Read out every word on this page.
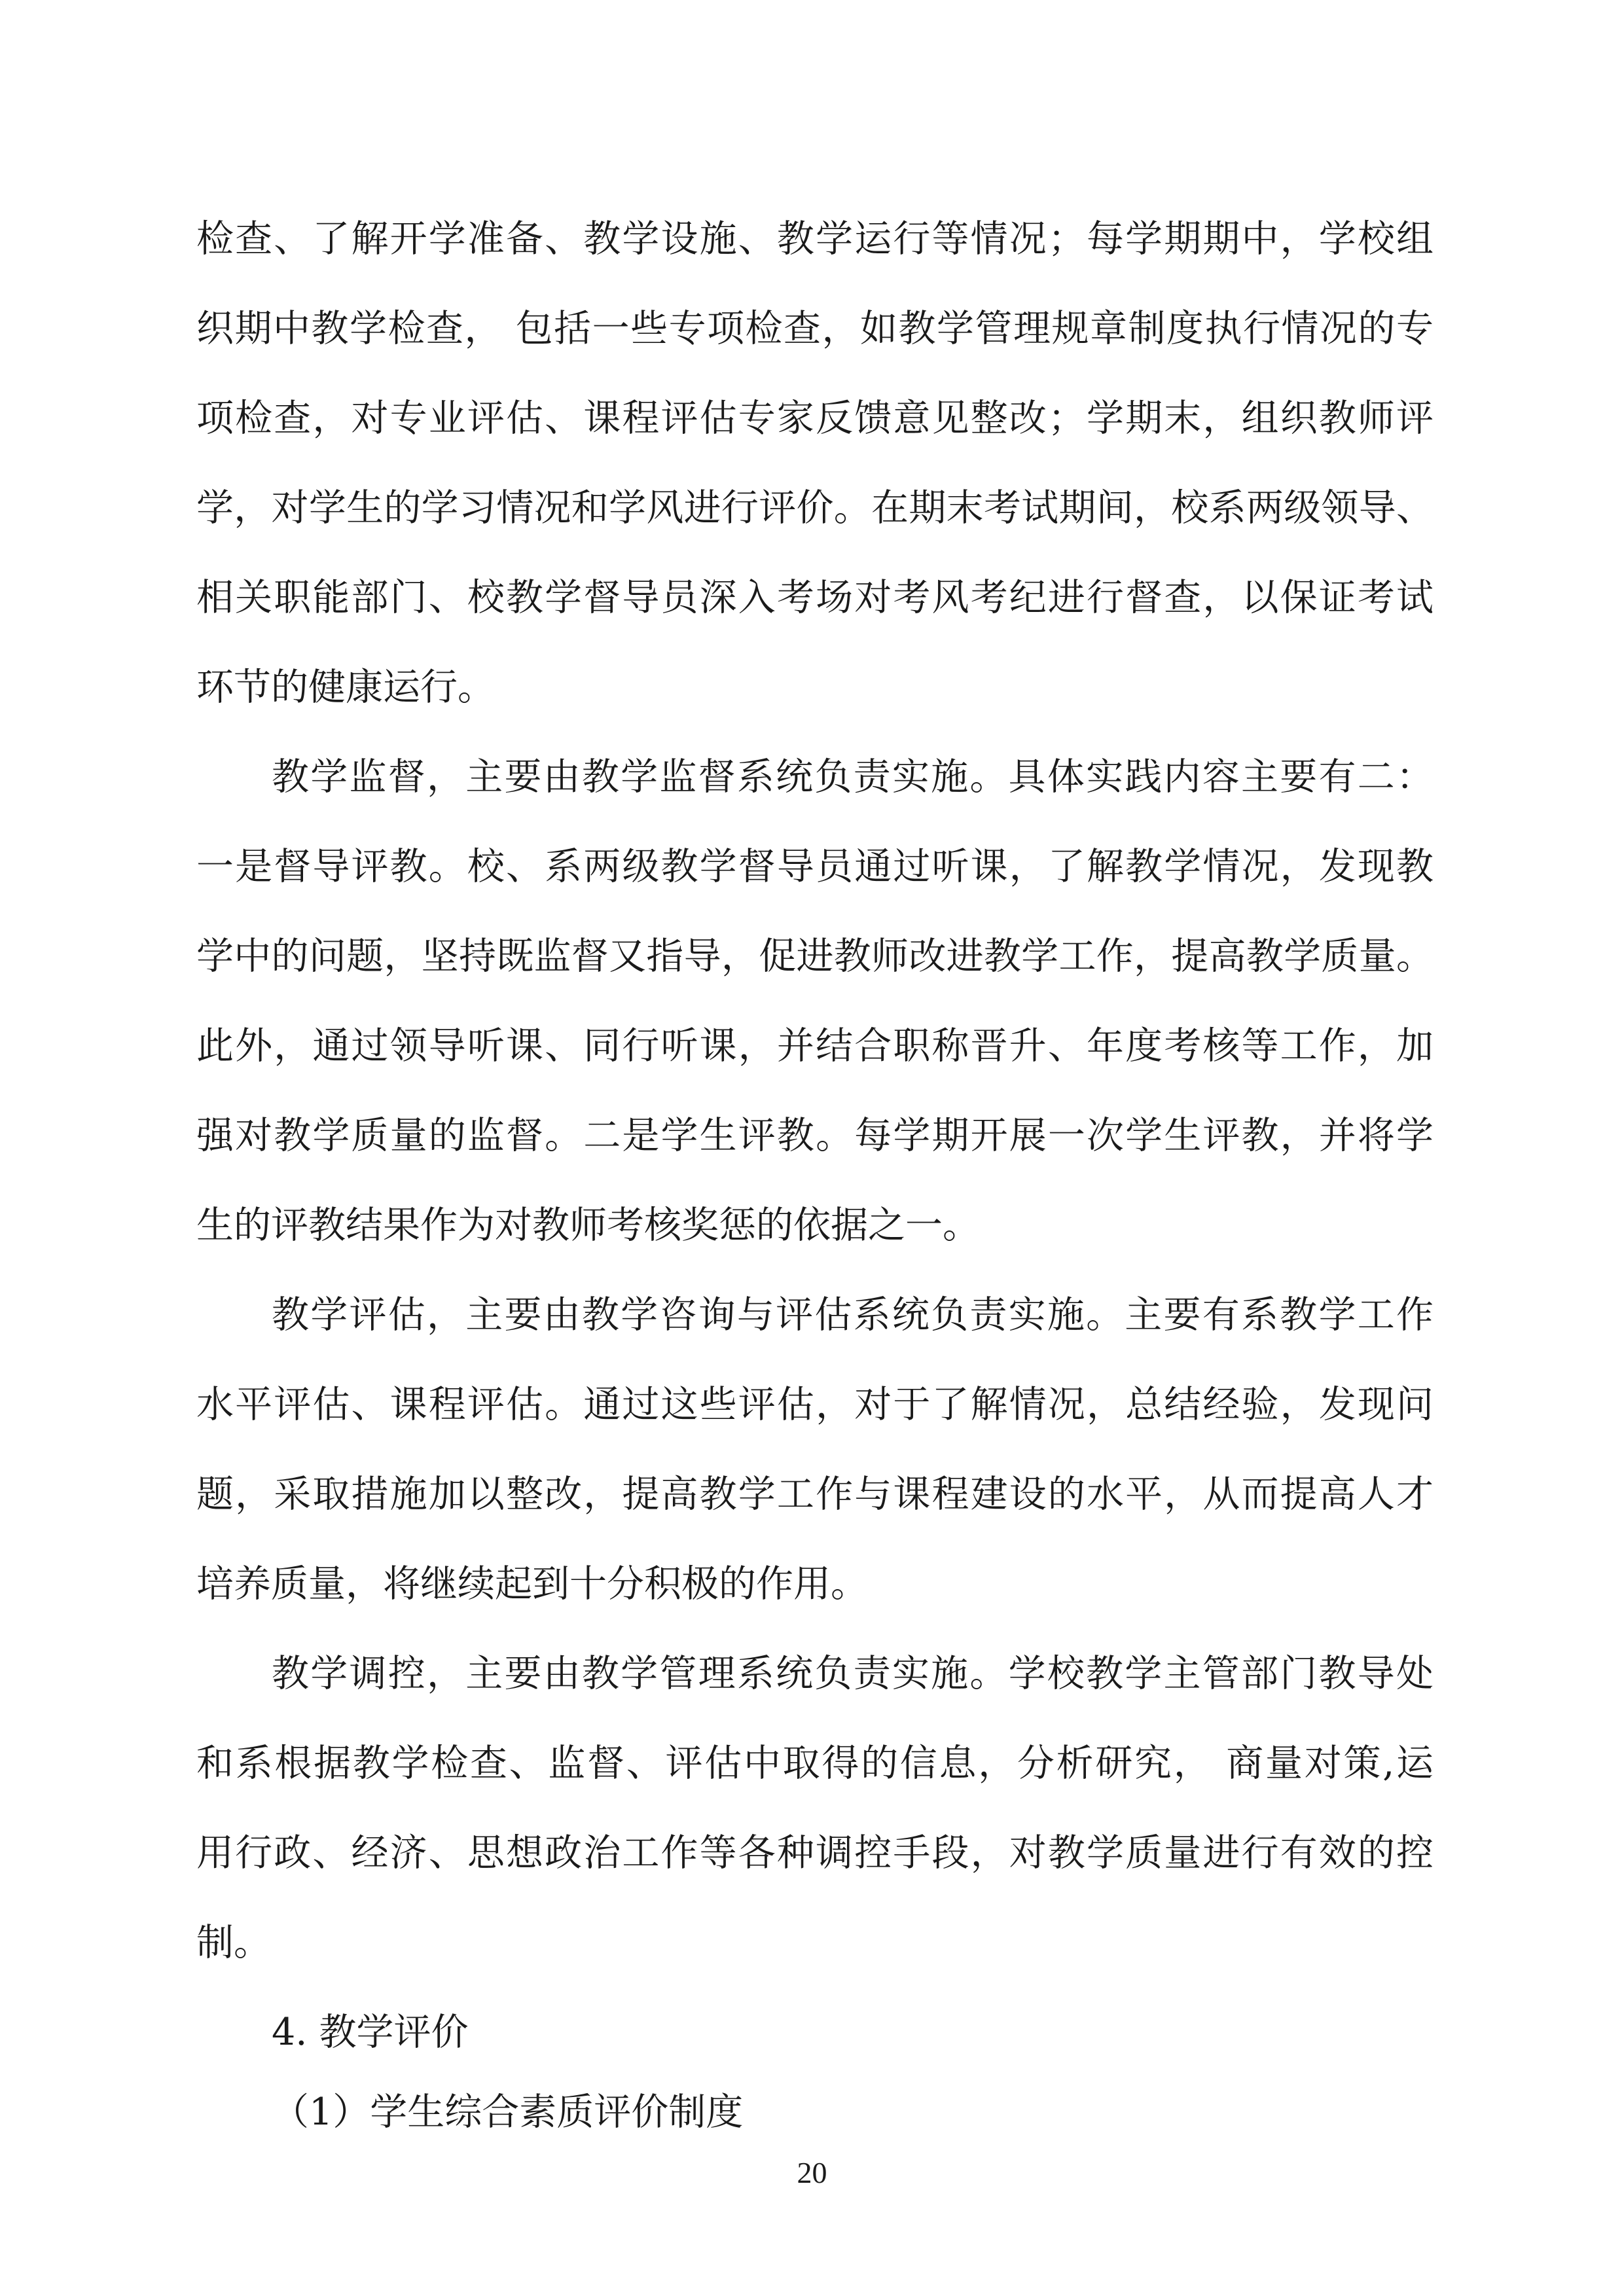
检查、了解开学准备、教学设施、教学运行等情况；每学期期中，学校组
织期中教学检查， 包括一些专项检查，如教学管理规章制度执行情况的专
项检查，对专业评估、课程评估专家反馈意见整改；学期末，组织教师评
学，对学生的学习情况和学风进行评价。在期末考试期间，校系两级领导、
相关职能部门、校教学督导员深入考场对考风考纪进行督查，以保证考试
环节的健康运行。
教学监督，主要由教学监督系统负责实施。具体实践内容主要有二：
一是督导评教。校、系两级教学督导员通过听课，了解教学情况，发现教
学中的问题，坚持既监督又指导，促进教师改进教学工作，提高教学质量。
此外，通过领导听课、同行听课，并结合职称晋升、年度考核等工作，加
强对教学质量的监督。二是学生评教。每学期开展一次学生评教，并将学
生的评教结果作为对教师考核奖惩的依据之一。
教学评估，主要由教学咨询与评估系统负责实施。主要有系教学工作
水平评估、课程评估。通过这些评估，对于了解情况，总结经验，发现问
题，采取措施加以整改，提高教学工作与课程建设的水平，从而提高人才
培养质量，将继续起到十分积极的作用。
教学调控，主要由教学管理系统负责实施。学校教学主管部门教导处
和系根据教学检查、监督、评估中取得的信息，分析研究， 商量对策,运
用行政、经济、思想政治工作等各种调控手段，对教学质量进行有效的控
制。
4. 教学评价
（1）学生综合素质评价制度
20
